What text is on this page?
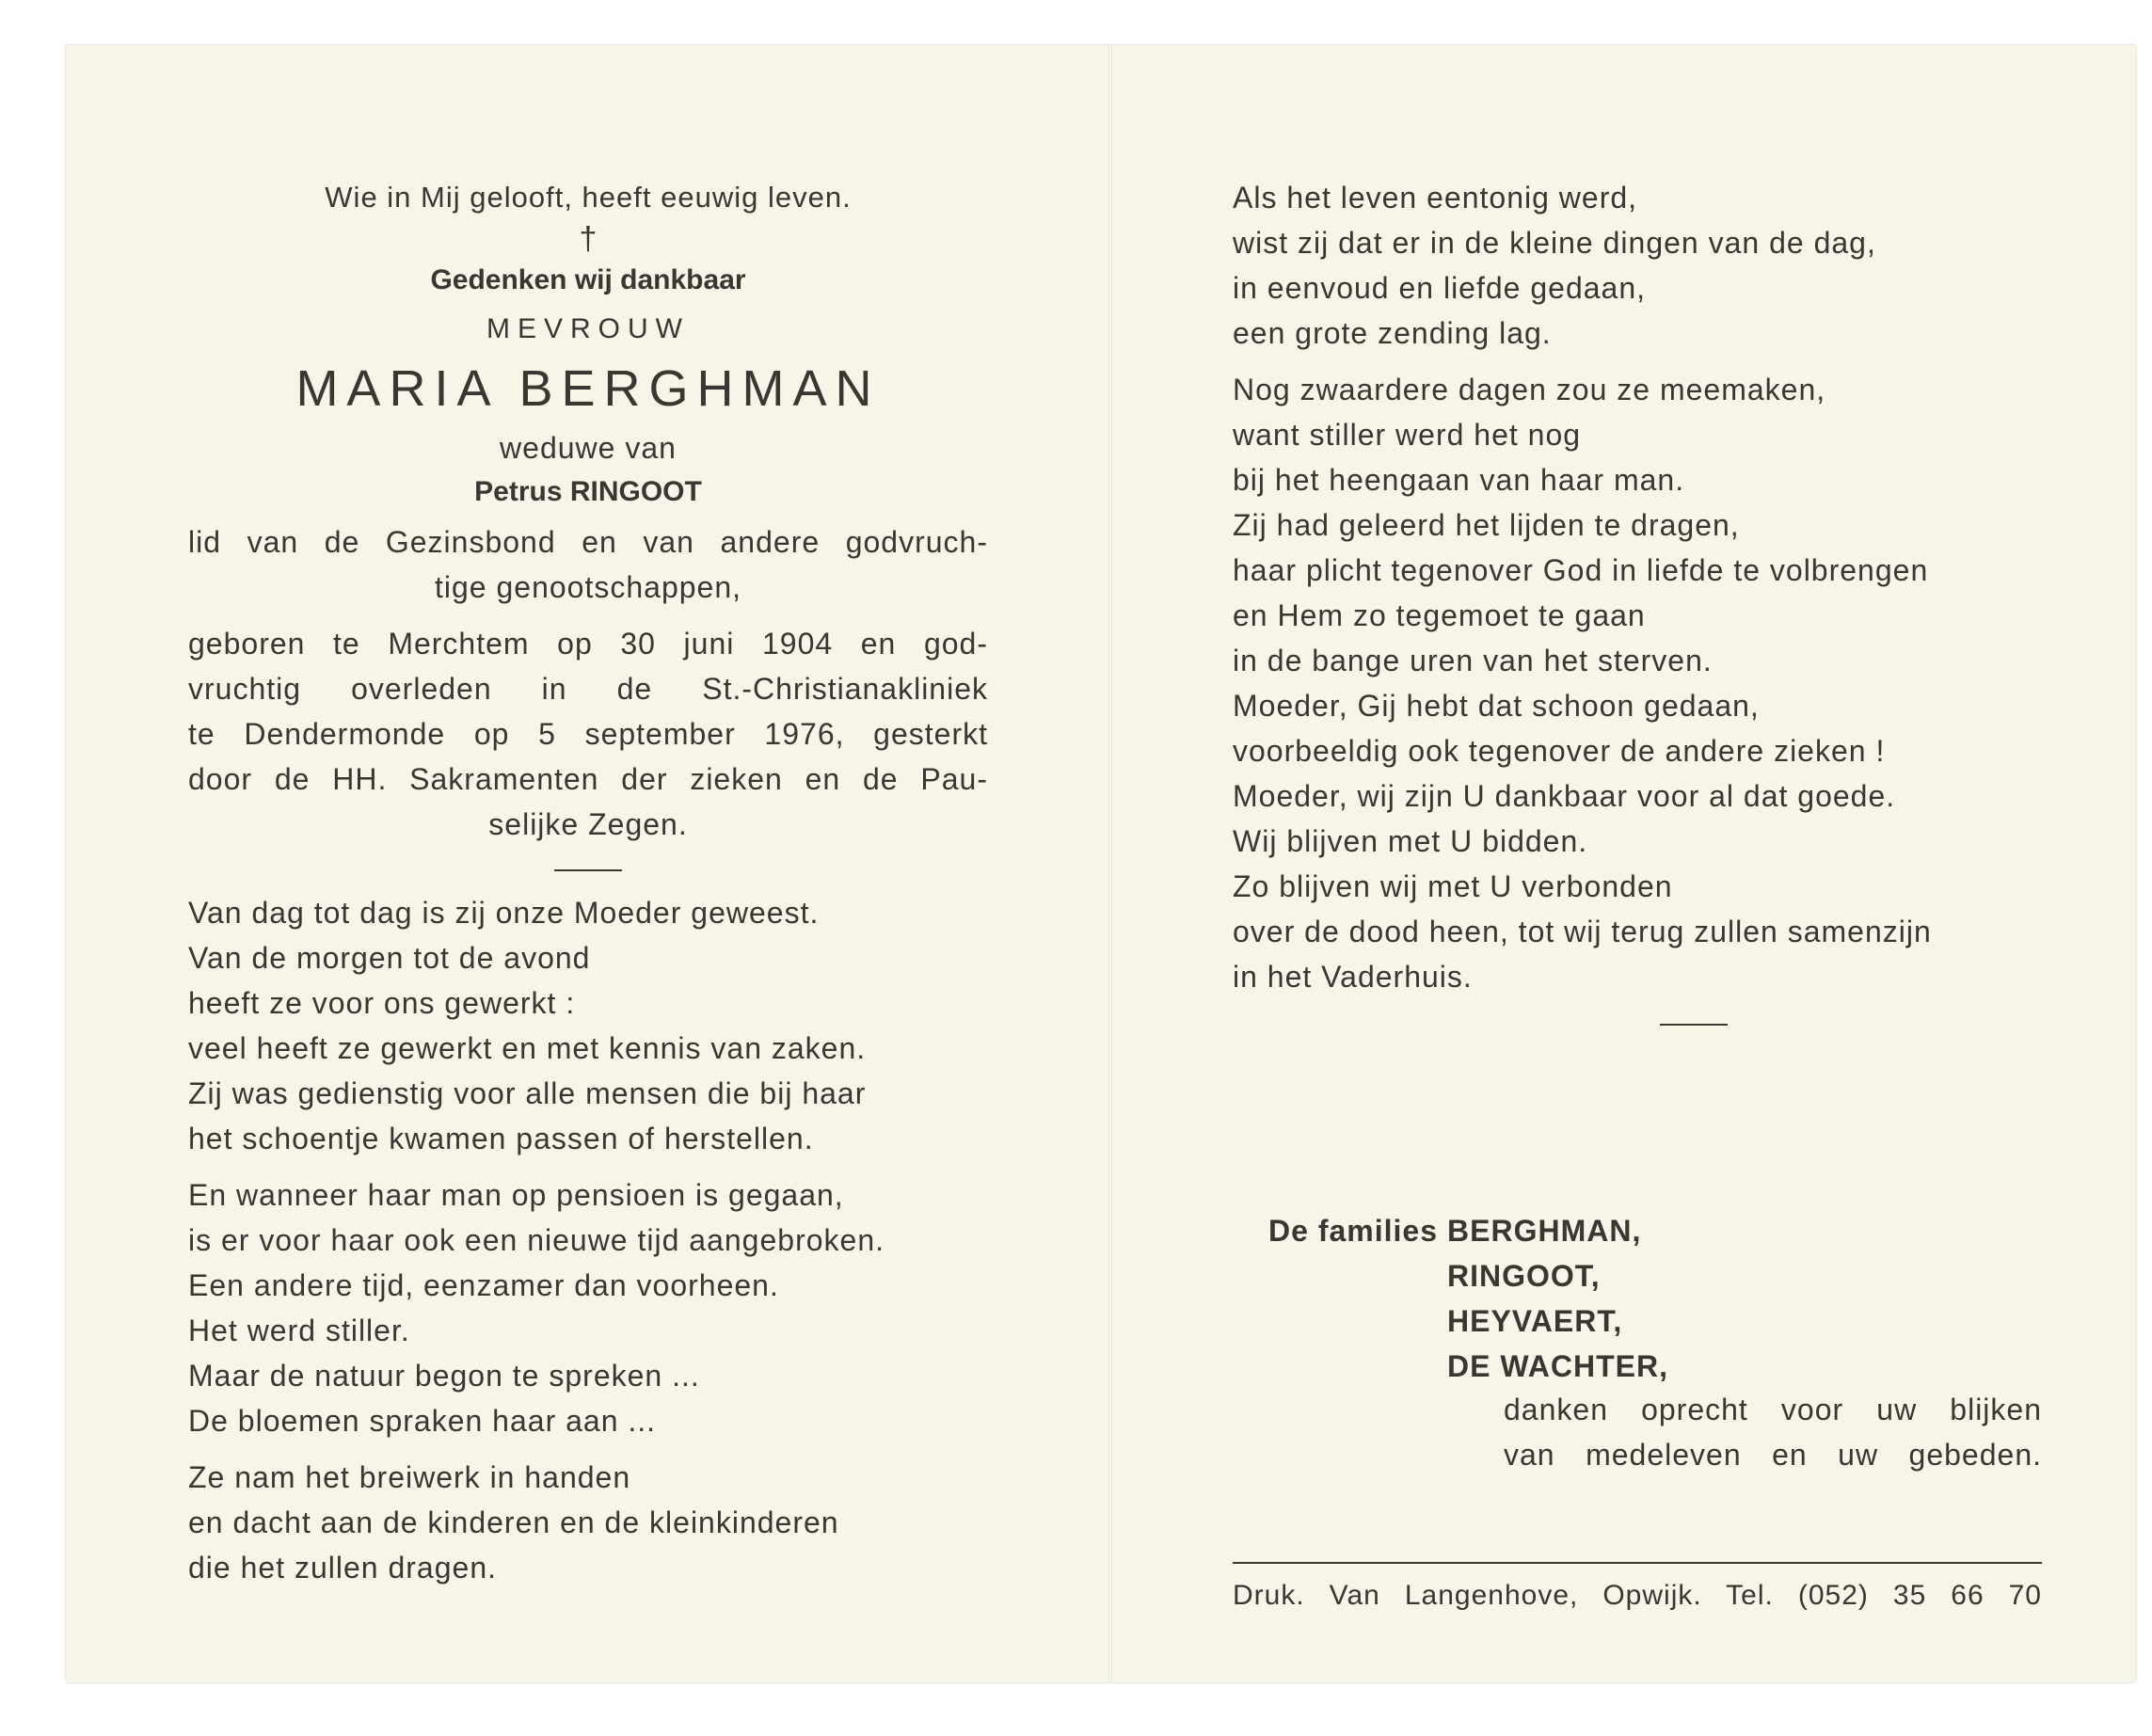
Wie in Mij gelooft, heeft eeuwig leven.
†
Gedenken wij dankbaar
MEVROUW
MARIA BERGHMAN
weduwe van
Petrus RINGOOT
lid van de Gezinsbond en van andere godvruch-
tige genootschappen,
geboren te Merchtem op 30 juni 1904 en god-
vruchtig overleden in de St.-Christianakliniek
te Dendermonde op 5 september 1976, gesterkt
door de HH. Sakramenten der zieken en de Pau-
selijke Zegen.
Van dag tot dag is zij onze Moeder geweest.
Van de morgen tot de avond
heeft ze voor ons gewerkt :
veel heeft ze gewerkt en met kennis van zaken.
Zij was gedienstig voor alle mensen die bij haar
het schoentje kwamen passen of herstellen.
En wanneer haar man op pensioen is gegaan,
is er voor haar ook een nieuwe tijd aangebroken.
Een andere tijd, eenzamer dan voorheen.
Het werd stiller.
Maar de natuur begon te spreken ...
De bloemen spraken haar aan ...
Ze nam het breiwerk in handen
en dacht aan de kinderen en de kleinkinderen
die het zullen dragen.
Als het leven eentonig werd,
wist zij dat er in de kleine dingen van de dag,
in eenvoud en liefde gedaan,
een grote zending lag.
Nog zwaardere dagen zou ze meemaken,
want stiller werd het nog
bij het heengaan van haar man.
Zij had geleerd het lijden te dragen,
haar plicht tegenover God in liefde te volbrengen
en Hem zo tegemoet te gaan
in de bange uren van het sterven.
Moeder, Gij hebt dat schoon gedaan,
voorbeeldig ook tegenover de andere zieken !
Moeder, wij zijn U dankbaar voor al dat goede.
Wij blijven met U bidden.
Zo blijven wij met U verbonden
over de dood heen, tot wij terug zullen samenzijn
in het Vaderhuis.
De families BERGHMAN,
RINGOOT,
HEYVAERT,
DE WACHTER,
danken oprecht voor uw blijken
van medeleven en uw gebeden.
Druk. Van Langenhove, Opwijk. Tel. (052) 35 66 70
